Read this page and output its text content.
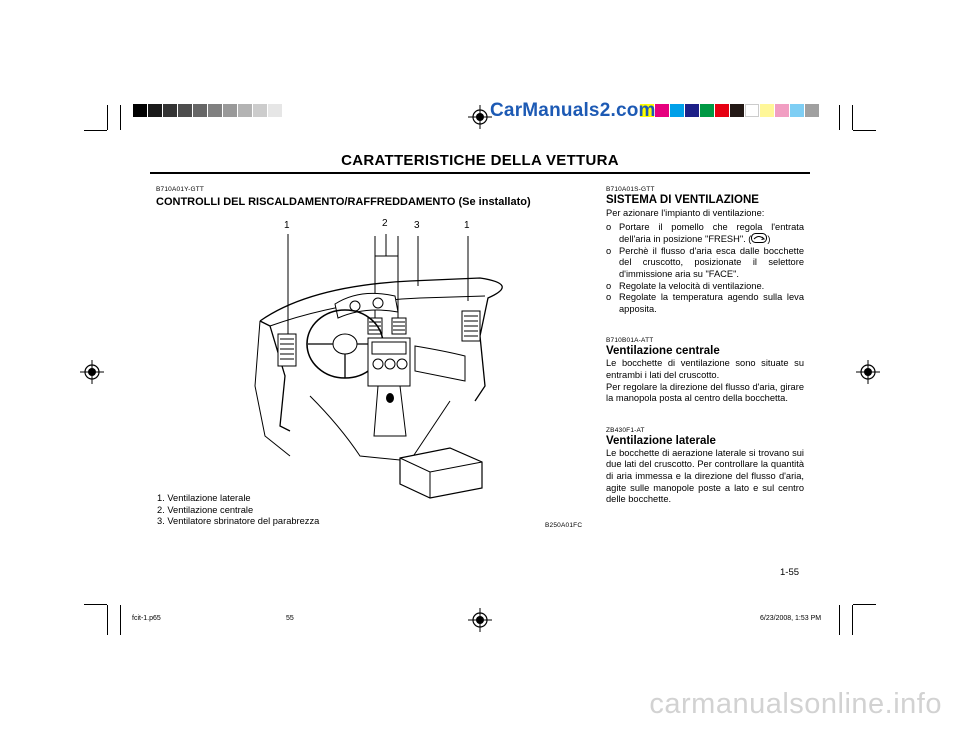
CarManuals2.com
CARATTERISTICHE DELLA VETTURA
B710A01Y-GTT
CONTROLLI DEL RISCALDAMENTO/RAFFREDDAMENTO (Se installato)
1	2	3	1
1. Ventilazione laterale
2. Ventilazione centrale
3. Ventilatore sbrinatore del parabrezza	B250A01FC
B710A01S-GTT
SISTEMA DI VENTILAZIONE
Per azionare l'impianto di ventilazione:
o Portare il pomello che regola l'entrata dell'aria in posizione "FRESH". ( )
o Perchè il flusso d'aria esca dalle bocchette del cruscotto, posizionate il selettore d'immissione aria su "FACE".
o Regolate la velocità di ventilazione.
o Regolate la temperatura agendo sulla leva apposita.
B710B01A-ATT
Ventilazione centrale
Le bocchette di ventilazione sono situate su entrambi i lati del cruscotto.
Per regolare la direzione del flusso d'aria, girare la manopola posta al centro della bocchetta.
ZB430F1-AT
Ventilazione laterale
Le bocchette di aerazione laterale si trovano sui due lati del cruscotto. Per controllare la quantità di aria immessa e la direzione del flusso d'aria, agite sulle manopole poste a lato e sul centro delle bocchette.
1-55
fcit-1.p65	55	6/23/2008, 1:53 PM
carmanualsonline.info
